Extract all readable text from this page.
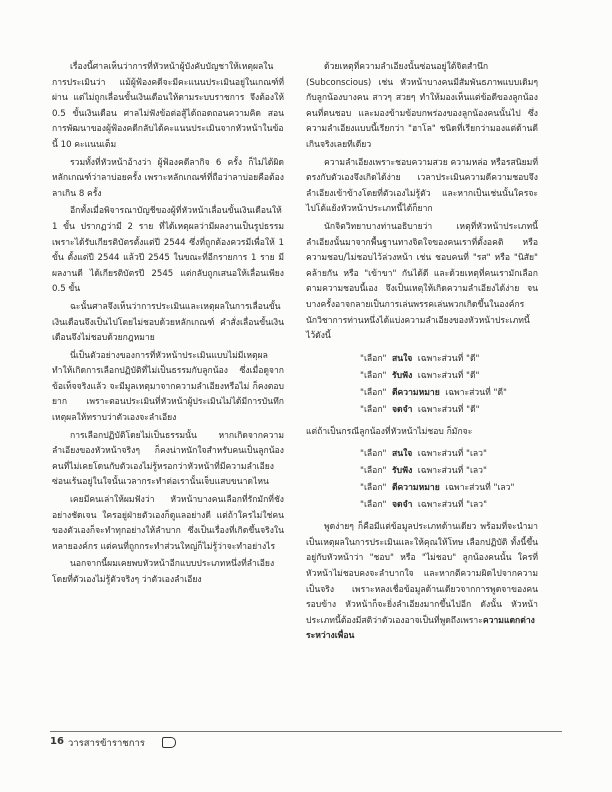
เรื่องนี้ศาลเห็นว่าการที่หัวหน้าผู้บังคับบัญชาให้เหตุผลในการประเมินว่า แม้ผู้ฟ้องคดีจะมีคะแนนประเมินอยู่ในเกณฑ์ที่ผ่าน แต่ไม่ถูกเลื่อนขั้นเงินเดือนให้ตามระบบราชการ จึงต้องให้ 0.5 ขั้นเงินเดือน ศาลไม่ฟังข้อต่อสู้ได้ถอดถอนความคิด สอนการพัฒนาของผู้ฟ้องคดีกลับได้คะแนนประเมินจากหัวหน้าในข้อนี้ 10 คะแนนเต็ม

รวมทั้งที่หัวหน้าอ้างว่า ผู้ฟ้องคดีลากิจ 6 ครั้ง ก็ไม่ได้ผิดหลักเกณฑ์ว่าลาบ่อยครั้ง เพราะหลักเกณฑ์ที่ถือว่าลาบ่อยคือต้องลาเกิน 8 ครั้ง

อีกทั้งเมื่อพิจารณาบัญชีของผู้ที่หัวหน้าเลื่อนขั้นเงินเดือนให้ 1 ขั้น ปรากฏว่ามี 2 ราย ที่ได้เหตุผลว่ามีผลงานเป็นรูปธรรม เพราะได้รับเกียรติบัตรตั้งแต่ปี 2544 ซึ่งที่ถูกต้องควรมีเพื่อให้ 1 ขั้น ตั้งแต่ปี 2544 แล้วปี 2545 ในขณะที่อีกรายการ 1 ราย มีผลงานดี ได้เกียรติบัตรปี 2545 แต่กลับถูกเสนอให้เลื่อนเพียง 0.5 ขั้น

ฉะนั้นศาลจึงเห็นว่าการประเมินและเหตุผลในการเลื่อนขั้นเงินเดือนจึงเป็นไปโดยไม่ชอบด้วยหลักเกณฑ์ คำสั่งเลื่อนขั้นเงินเดือนจึงไม่ชอบด้วยกฎหมาย

นี่เป็นตัวอย่างของการที่หัวหน้าประเมินแบบไม่มีเหตุผล ทำให้เกิดการเลือกปฏิบัติที่ไม่เป็นธรรมกับลูกน้อง ซึ่งเมื่อดูจากข้อเท็จจริงแล้ว จะมีมูลเหตุมาจากความลำเอียงหรือไม่ ก็คงตอบยาก เพราะตอนประเมินที่หัวหน้าผู้ประเมินไม่ได้มีการบันทึกเหตุผลให้ทราบว่าตัวเองจะลำเอียง

การเลือกปฏิบัติโดยไม่เป็นธรรมนั้น หากเกิดจากความลำเอียงของหัวหน้าจริงๆ ก็คงน่าหนักใจสำหรับคนเป็นลูกน้อง คนที่ไม่เคยโดนกับตัวเองไม่รู้หรอกว่าหัวหน้าที่มีความลำเอียงซ่อนเร้นอยู่ในใจนั้นเวลากระทำต่อเรานั้นเจ็บแสบขนาดไหน

เคยมีคนเล่าให้ผมฟังว่า หัวหน้าบางคนเลือกที่รักมักที่ชังอย่างชัดเจน ใครอยู่ฝ่ายตัวเองก็ดูแลอย่างดี แต่ถ้าใครไม่ใช่คนของตัวเองก็จะทำทุกอย่างให้ลำบาก ซึ่งเป็นเรื่องที่เกิดขึ้นจริงในหลายองค์กร แต่คนที่ถูกกระทำส่วนใหญ่ก็ไม่รู้ว่าจะทำอย่างไร

นอกจากนี้ผมเคยพบหัวหน้าอีกแบบประเภทหนึ่งที่ลำเอียงโดยที่ตัวเองไม่รู้ตัวจริงๆ ว่าตัวเองลำเอียง

ด้วยเหตุที่ความลำเอียงนั้นซ่อนอยู่ใต้จิตสำนึก (Subconscious) เช่น หัวหน้าบางคนมีสัมพันธภาพแบบเดิมๆ กับลูกน้องบางคน สาวๆ สวยๆ ทำให้มองเห็นแต่ข้อดีของลูกน้องคนที่ตนชอบ และมองข้ามข้อบกพร่องของลูกน้องคนนั้นไป ซึ่งความลำเอียงแบบนี้เรียกว่า "ฮาโล" ชนิดที่เรียกว่ามองแต่ด้านดีเกินจริงเลยทีเดียว

ความลำเอียงเพราะชอบความสวย ความหล่อ หรือรสนิยมที่ตรงกับตัวเองจึงเกิดได้ง่าย เวลาประเมินความดีความชอบจึงลำเอียงเข้าข้างโดยที่ตัวเองไม่รู้ตัว และหากเป็นเช่นนั้นใครจะไปโต้แย้งหัวหน้าประเภทนี้ได้ก็ยาก

นักจิตวิทยาบางท่านอธิบายว่า เหตุที่หัวหน้าประเภทนี้ลำเอียงนั้นมาจากพื้นฐานทางจิตใจของคนเราที่ตั้งอคติ หรือความชอบ/ไม่ชอบไว้ล่วงหน้า เช่น ชอบคนที่ "รส" หรือ "นิสัย" คล้ายกัน หรือ "เข้าขา" กันได้ดี และด้วยเหตุที่คนเรามักเลือกตามความชอบนี้เอง จึงเป็นเหตุให้เกิดความลำเอียงได้ง่าย จนบางครั้งอาจกลายเป็นการเล่นพรรคเล่นพวกเกิดขึ้นในองค์กร นักวิชาการท่านหนึ่งได้แบ่งความลำเอียงของหัวหน้าประเภทนี้ไว้ดังนี้

"เลือก" สนใจ เฉพาะส่วนที่ "ดี"
"เลือก" รับฟัง เฉพาะส่วนที่ "ดี"
"เลือก" ตีความหมาย เฉพาะส่วนที่ "ดี"
"เลือก" จดจำ เฉพาะส่วนที่ "ดี"

แต่ถ้าเป็นกรณีลูกน้องที่หัวหน้าไม่ชอบ ก็มักจะ

"เลือก" สนใจ เฉพาะส่วนที่ "เลว"
"เลือก" รับฟัง เฉพาะส่วนที่ "เลว"
"เลือก" ตีความหมาย เฉพาะส่วนที่ "เลว"
"เลือก" จดจำ เฉพาะส่วนที่ "เลว"

พูดง่ายๆ ก็คือมีแต่ข้อมูลประเภทด้านเดียว พร้อมที่จะนำมาเป็นเหตุผลในการประเมินและให้คุณให้โทษ เลือกปฏิบัติ ทั้งนี้ขึ้นอยู่กับหัวหน้าว่า "ชอบ" หรือ "ไม่ชอบ" ลูกน้องคนนั้น ใครที่หัวหน้าไม่ชอบคงจะลำบากใจ และหากตีความผิดไปจากความเป็นจริง เพราะหลงเชื่อข้อมูลด้านเดียวจากการพูดจาของคนรอบข้าง หัวหน้าก็จะยิ่งลำเอียงมากขึ้นไปอีก ดังนั้น หัวหน้าประเภทนี้ต้องมีสติว่าตัวเองอาจเป็นที่พูดถึงเพราะความแตกต่างระหว่างเพื่อน

16 วารสารข้าราชการ
